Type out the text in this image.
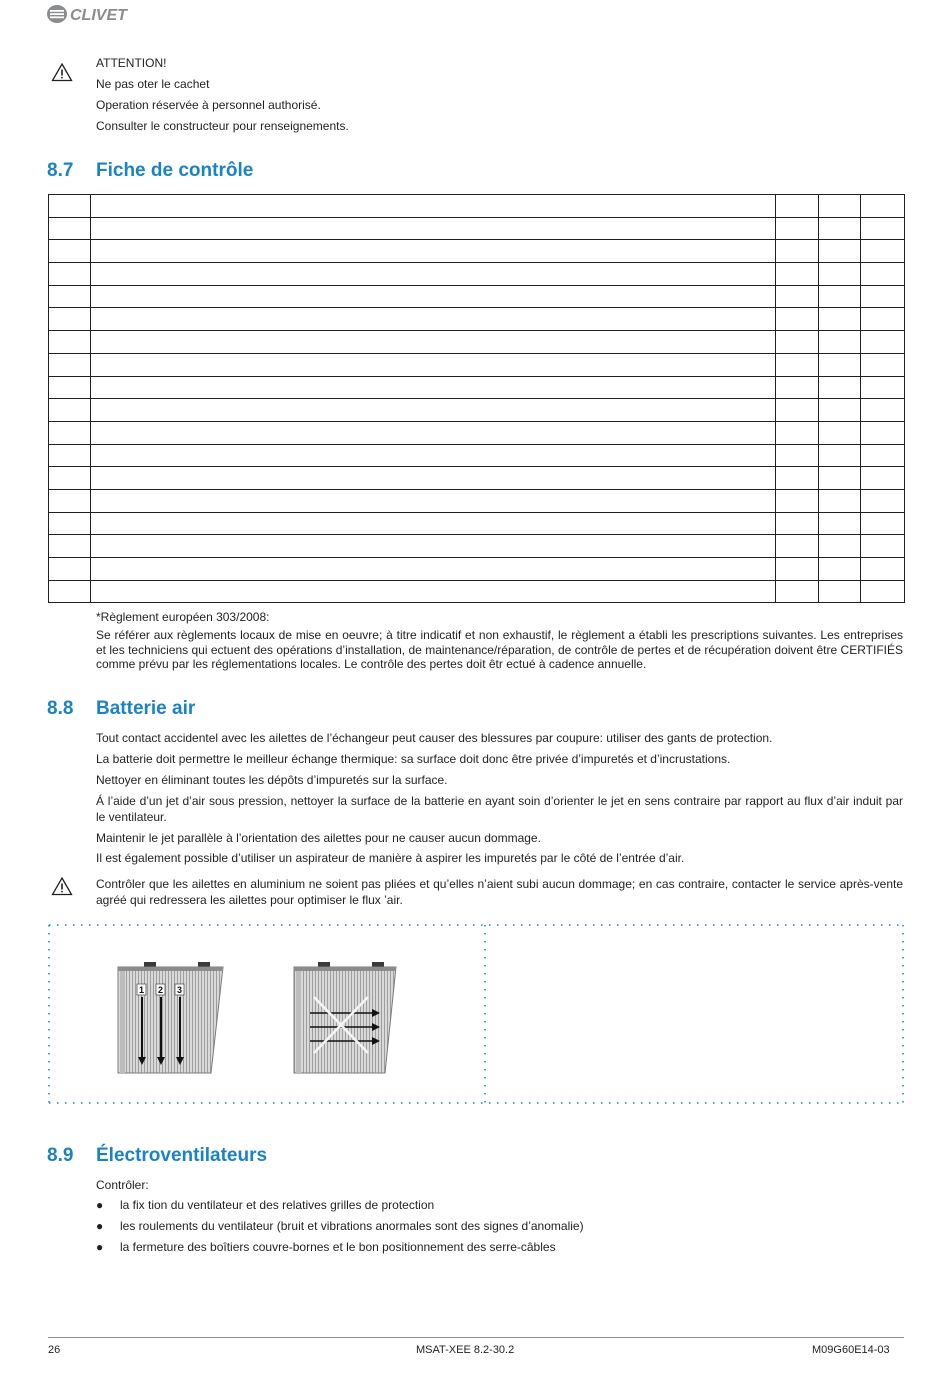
CLIVET
ATTENTION!
Ne pas oter le cachet
Operation réservée à personnel authorisé.
Consulter le constructeur pour renseignements.
8.7 Fiche de contrôle

*Règlement européen 303/2008:
Se référer aux règlements locaux de mise en oeuvre; à titre indicatif et non exhaustif, le règlement a établi les prescriptions suivantes. Les entreprises et les techniciens qui ectuent des opérations d’installation, de maintenance/réparation, de contrôle de pertes et de récupération doivent être CERTIFIÉS comme prévu par les réglementations locales. Le contrôle des pertes doit êtr ectué à cadence annuelle.
8.8 Batterie air
Tout contact accidentel avec les ailettes de l’échangeur peut causer des blessures par coupure: utiliser des gants de protection.
La batterie doit permettre le meilleur échange thermique: sa surface doit donc être privée d’impuretés et d’incrustations.
Nettoyer en éliminant toutes les dépôts d’impuretés sur la surface.
Á l’aide d’un jet d’air sous pression, nettoyer la surface de la batterie en ayant soin d’orienter le jet en sens contraire par rapport au flux d’air induit par le ventilateur.
Maintenir le jet parallèle à l’orientation des ailettes pour ne causer aucun dommage.
Il est également possible d’utiliser un aspirateur de manière à aspirer les impuretés par le côté de l’entrée d’air.
Contrôler que les ailettes en aluminium ne soient pas pliées et qu’elles n’aient subi aucun dommage; en cas contraire, contacter le service après-vente agréé qui redressera les ailettes pour optimiser le flux ’air.
1 2 3
8.9 Électroventilateurs
Contrôler:
● la fix tion du ventilateur et des relatives grilles de protection
● les roulements du ventilateur (bruit et vibrations anormales sont des signes d’anomalie)
● la fermeture des boîtiers couvre-bornes et le bon positionnement des serre-câbles
26	MSAT-XEE 8.2-30.2	M09G60E14-03
